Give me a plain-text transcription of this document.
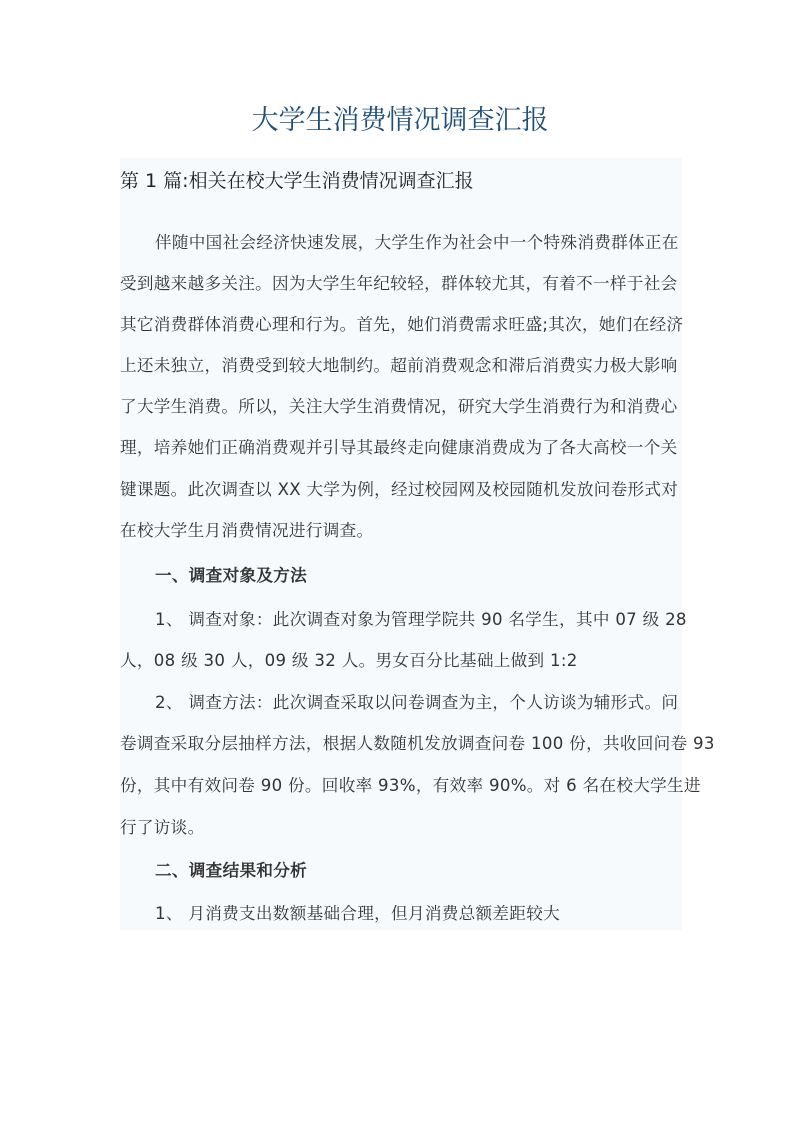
大学生消费情况调查汇报
第 1 篇:相关在校大学生消费情况调查汇报
伴随中国社会经济快速发展，大学生作为社会中一个特殊消费群体正在
受到越来越多关注。因为大学生年纪较轻，群体较尤其，有着不一样于社会
其它消费群体消费心理和行为。首先，她们消费需求旺盛;其次，她们在经济
上还未独立，消费受到较大地制约。超前消费观念和滞后消费实力极大影响
了大学生消费。所以，关注大学生消费情况，研究大学生消费行为和消费心
理，培养她们正确消费观并引导其最终走向健康消费成为了各大高校一个关
键课题。此次调查以 XX 大学为例，经过校园网及校园随机发放问卷形式对
在校大学生月消费情况进行调查。
一、调查对象及方法
1、 调查对象：此次调查对象为管理学院共 90 名学生，其中 07 级 28
人，08 级 30 人，09 级 32 人。男女百分比基础上做到 1:2
2、 调查方法：此次调查采取以问卷调查为主，个人访谈为辅形式。问
卷调查采取分层抽样方法，根据人数随机发放调查问卷 100 份，共收回问卷 93
份，其中有效问卷 90 份。回收率 93%，有效率 90%。对 6 名在校大学生进
行了访谈。
二、调查结果和分析
1、 月消费支出数额基础合理，但月消费总额差距较大
